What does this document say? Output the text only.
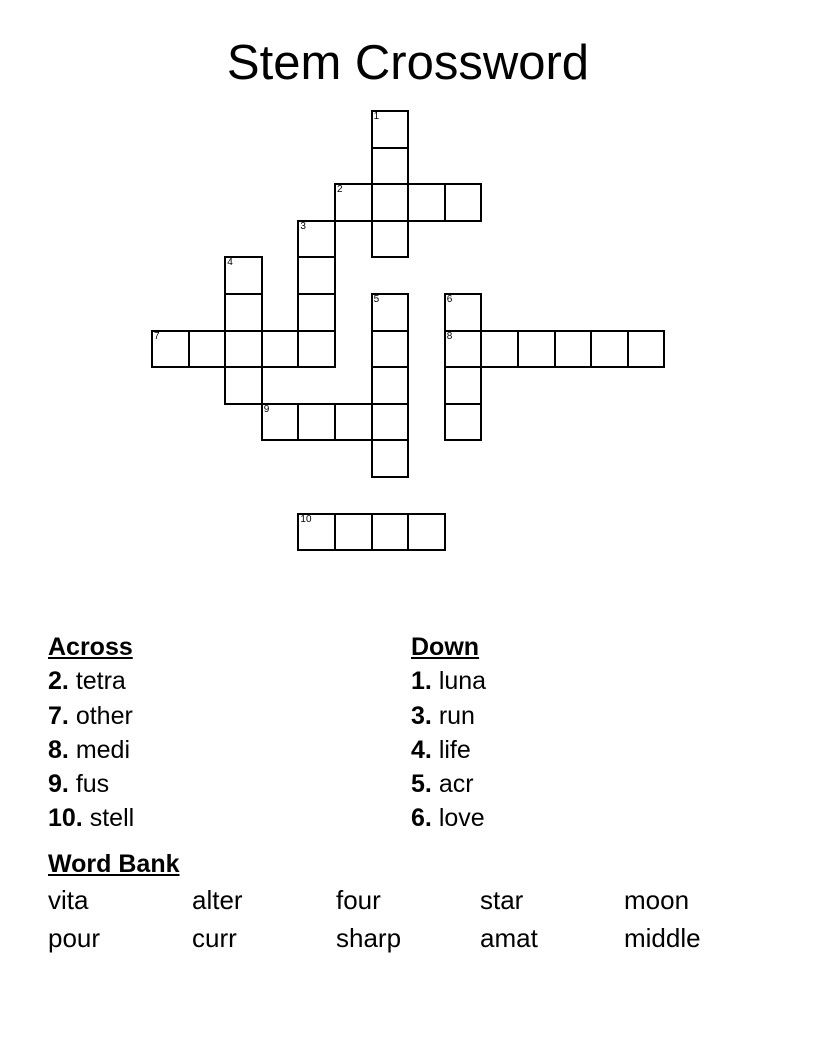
Stem Crossword
1
2
3
4
5	6
8
7
9
10
Across
2. tetra
7. other
8. medi
9. fus
10. stell
Down
1. luna
3. run
4. life
5. acr
6. love
Word Bank
vita	alter	four	star	moon
pour	curr	sharp	amat	middle
